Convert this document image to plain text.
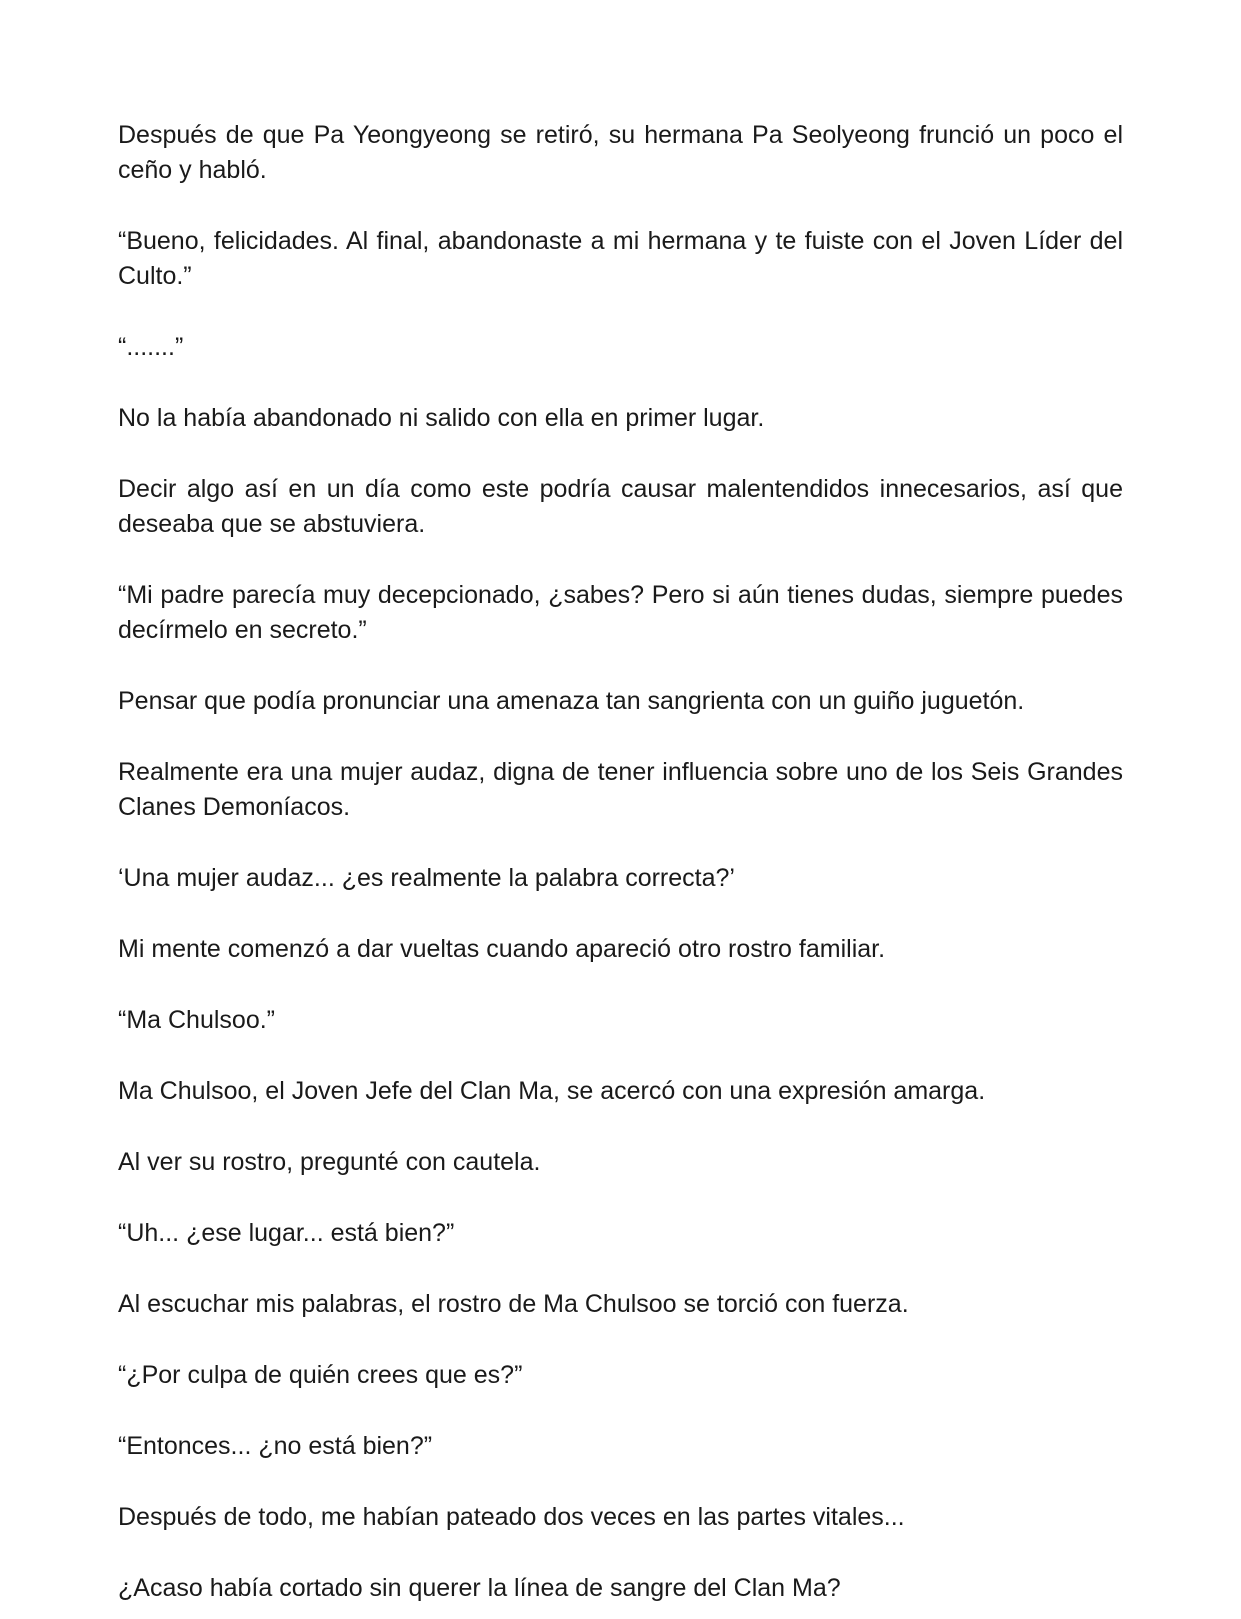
Después de que Pa Yeongyeong se retiró, su hermana Pa Seolyeong frunció un poco el ceño y habló.

“Bueno, felicidades. Al final, abandonaste a mi hermana y te fuiste con el Joven Líder del Culto.”

“.......”

No la había abandonado ni salido con ella en primer lugar.

Decir algo así en un día como este podría causar malentendidos innecesarios, así que deseaba que se abstuviera.

“Mi padre parecía muy decepcionado, ¿sabes? Pero si aún tienes dudas, siempre puedes decírmelo en secreto.”

Pensar que podía pronunciar una amenaza tan sangrienta con un guiño juguetón.

Realmente era una mujer audaz, digna de tener influencia sobre uno de los Seis Grandes Clanes Demoníacos.

‘Una mujer audaz... ¿es realmente la palabra correcta?’

Mi mente comenzó a dar vueltas cuando apareció otro rostro familiar.

“Ma Chulsoo.”

Ma Chulsoo, el Joven Jefe del Clan Ma, se acercó con una expresión amarga.

Al ver su rostro, pregunté con cautela.

“Uh... ¿ese lugar... está bien?”

Al escuchar mis palabras, el rostro de Ma Chulsoo se torció con fuerza.

“¿Por culpa de quién crees que es?”

“Entonces... ¿no está bien?”

Después de todo, me habían pateado dos veces en las partes vitales...

¿Acaso había cortado sin querer la línea de sangre del Clan Ma?
